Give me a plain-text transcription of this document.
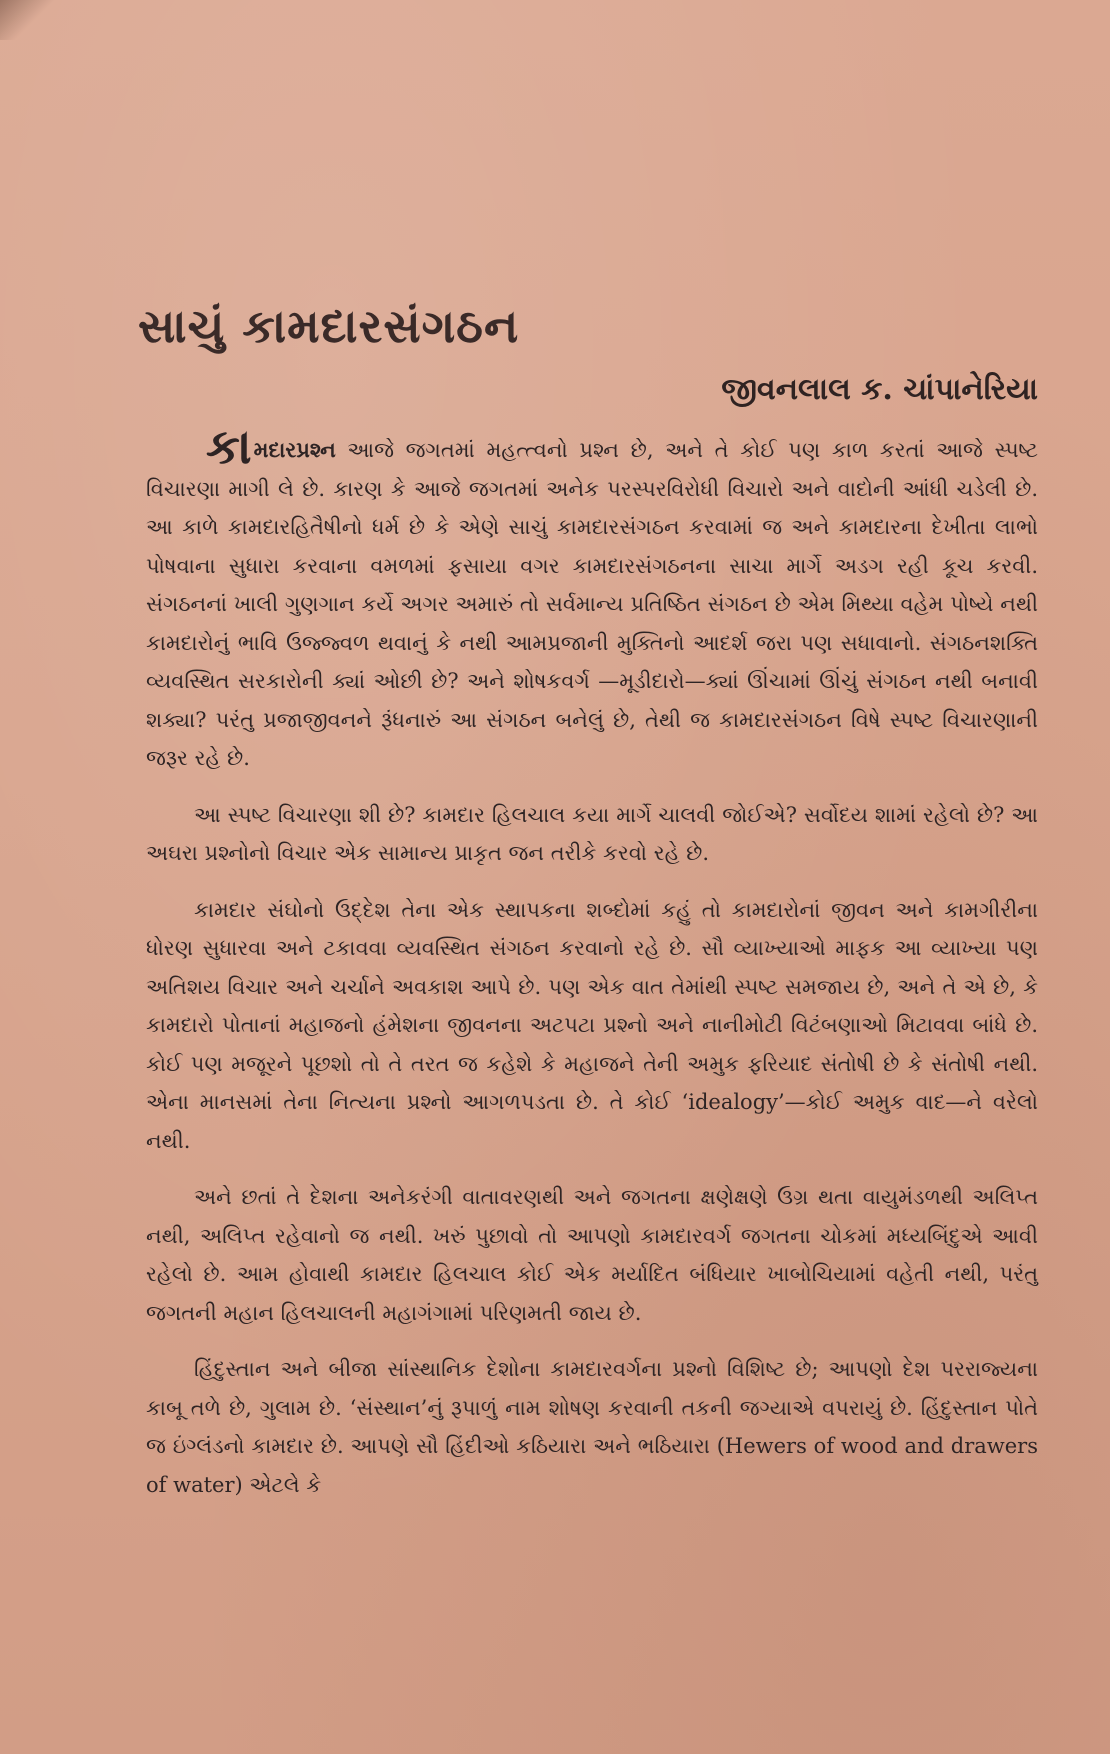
સાચું કામદારસંગઠન
જીવનલાલ ક. ચાંપાનેરિયા

કામદારપ્રશ્ન આજે જગતમાં મહત્ત્વનો પ્રશ્ન છે, અને તે કોઈ પણ કાળ કરતાં આજે સ્પષ્ટ વિચારણા માગી લે છે. કારણ કે આજે જગતમાં અનેક પરસ્પરવિરોધી વિચારો અને વાદોની આંધી ચડેલી છે. આ કાળે કામદારહિતૈષીનો ધર્મ છે કે એણે સાચું કામદારસંગઠન કરવામાં જ અને કામદારના દેખીતા લાભો પોષવાના સુધારા કરવાના વમળમાં ફસાયા વગર કામદારસંગઠનના સાચા માર્ગે અડગ રહી કૂચ કરવી. સંગઠનનાં ખાલી ગુણગાન કર્યે અગર અમારું તો સર્વમાન્ય પ્રતિષ્ઠિત સંગઠન છે એમ મિથ્યા વહેમ પોષ્યે નથી કામદારોનું ભાવિ ઉજ્જ્વળ થવાનું કે નથી આમપ્રજાની મુક્તિનો આદર્શ જરા પણ સધાવાનો. સંગઠનશક્તિ વ્યવસ્થિત સરકારોની ક્યાં ઓછી છે? અને શોષકવર્ગ —મૂડીદારો—ક્યાં ઊંચામાં ઊંચું સંગઠન નથી બનાવી શક્યા? પરંતુ પ્રજાજીવનને રૂંધનારું આ સંગઠન બનેલું છે, તેથી જ કામદારસંગઠન વિષે સ્પષ્ટ વિચારણાની જરૂર રહે છે.

આ સ્પષ્ટ વિચારણા શી છે? કામદાર હિલચાલ કયા માર્ગે ચાલવી જોઈએ? સર્વોદય શામાં રહેલો છે? આ અઘરા પ્રશ્નોનો વિચાર એક સામાન્ય પ્રાકૃત જન તરીકે કરવો રહે છે.

કામદાર સંઘોનો ઉદ્દેશ તેના એક સ્થાપકના શબ્દોમાં કહું તો કામદારોનાં જીવન અને કામગીરીના ધોરણ સુધારવા અને ટકાવવા વ્યવસ્થિત સંગઠન કરવાનો રહે છે. સૌ વ્યાખ્યાઓ માફક આ વ્યાખ્યા પણ અતિશય વિચાર અને ચર્ચાને અવકાશ આપે છે. પણ એક વાત તેમાંથી સ્પષ્ટ સમજાય છે, અને તે એ છે, કે કામદારો પોતાનાં મહાજનો હંમેશના જીવનના અટપટા પ્રશ્નો અને નાનીમોટી વિટંબણાઓ મિટાવવા બાંધે છે. કોઈ પણ મજૂરને પૂછશો તો તે તરત જ કહેશે કે મહાજને તેની અમુક ફરિયાદ સંતોષી છે કે સંતોષી નથી. એના માનસમાં તેના નિત્યના પ્રશ્નો આગળપડતા છે. તે કોઈ ‘idealogy’—કોઈ અમુક વાદ—ને વરેલો નથી.

અને છતાં તે દેશના અનેકરંગી વાતાવરણથી અને જગતના ક્ષણેક્ષણે ઉગ્ર થતા વાયુમંડળથી અલિપ્ત નથી, અલિપ્ત રહેવાનો જ નથી. ખરું પુછાવો તો આપણો કામદારવર્ગ જગતના ચોકમાં મધ્યબિંદુએ આવી રહેલો છે. આમ હોવાથી કામદાર હિલચાલ કોઈ એક મર્યાદિત બંધિયાર ખાબોચિયામાં વહેતી નથી, પરંતુ જગતની મહાન હિલચાલની મહાગંગામાં પરિણમતી જાય છે.

હિંદુસ્તાન અને બીજા સાંસ્થાનિક દેશોના કામદારવર્ગના પ્રશ્નો વિશિષ્ટ છે; આપણો દેશ પરરાજ્યના કાબૂ તળે છે, ગુલામ છે. ‘સંસ્થાન’નું રૂપાળું નામ શોષણ કરવાની તકની જગ્યાએ વપરાયું છે. હિંદુસ્તાન પોતે જ ઇંગ્લંડનો કામદાર છે. આપણે સૌ હિંદીઓ કઠિયારા અને ભઠિયારા (Hewers of wood and drawers of water) એટલે કે
